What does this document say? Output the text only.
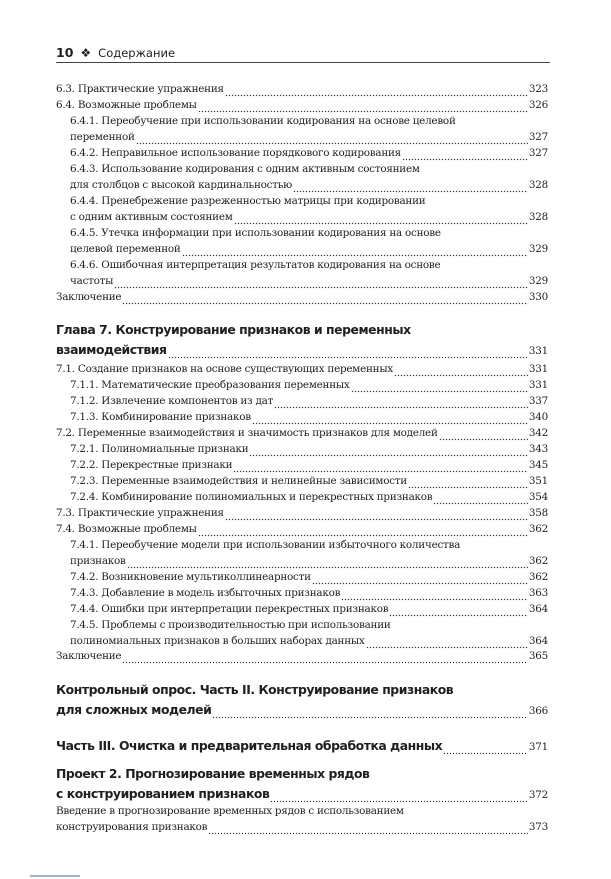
10 ❖ Содержание
6.3. Практические упражнения	323
6.4. Возможные проблемы	326
6.4.1. Переобучение при использовании кодирования на основе целевой
переменной	327
6.4.2. Неправильное использование порядкового кодирования	327
6.4.3. Использование кодирования с одним активным состоянием
для столбцов с высокой кардинальностью	328
6.4.4. Пренебрежение разреженностью матрицы при кодировании
с одним активным состоянием	328
6.4.5. Утечка информации при использовании кодирования на основе
целевой переменной	329
6.4.6. Ошибочная интерпретация результатов кодирования на основе
частоты	329
Заключение	330
Глава 7. Конструирование признаков и переменных
взаимодействия	331
7.1. Создание признаков на основе существующих переменных	331
7.1.1. Математические преобразования переменных	331
7.1.2. Извлечение компонентов из дат	337
7.1.3. Комбинирование признаков	340
7.2. Переменные взаимодействия и значимость признаков для моделей	342
7.2.1. Полиномиальные признаки	343
7.2.2. Перекрестные признаки	345
7.2.3. Переменные взаимодействия и нелинейные зависимости	351
7.2.4. Комбинирование полиномиальных и перекрестных признаков	354
7.3. Практические упражнения	358
7.4. Возможные проблемы	362
7.4.1. Переобучение модели при использовании избыточного количества
признаков	362
7.4.2. Возникновение мультиколлинеарности	362
7.4.3. Добавление в модель избыточных признаков	363
7.4.4. Ошибки при интерпретации перекрестных признаков	364
7.4.5. Проблемы с производительностью при использовании
полиномиальных признаков в больших наборах данных	364
Заключение	365
Контрольный опрос. Часть II. Конструирование признаков
для сложных моделей	366
Часть III. Очистка и предварительная обработка данных	371
Проект 2. Прогнозирование временных рядов
с конструированием признаков	372
Введение в прогнозирование временных рядов с использованием
конструирования признаков	373
